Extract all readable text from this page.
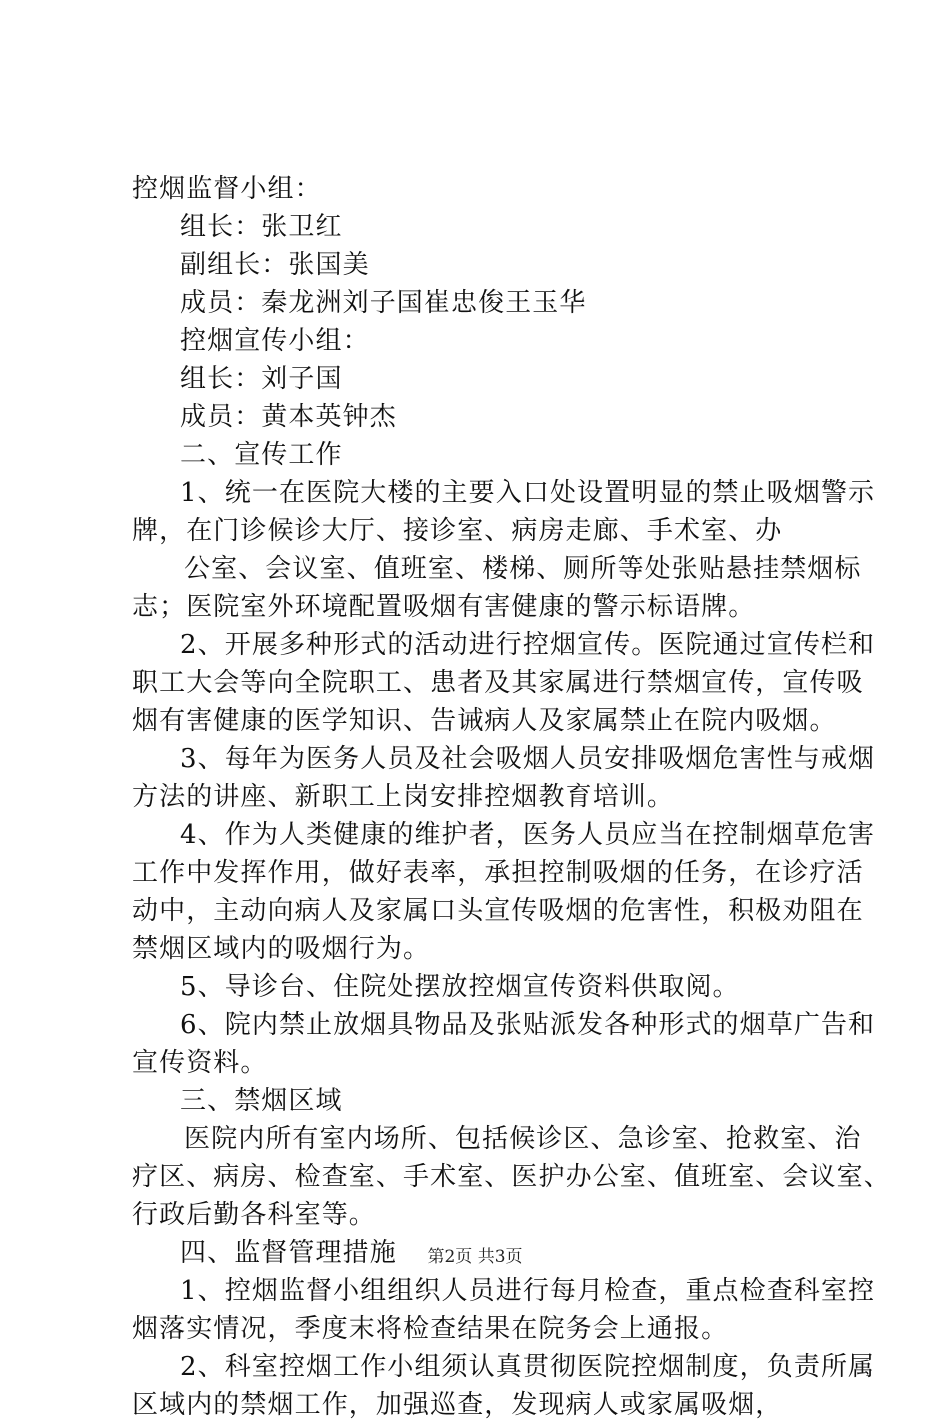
控烟监督小组：
组长：张卫红
副组长：张国美
成员：秦龙洲刘子国崔忠俊王玉华
控烟宣传小组：
组长：刘子国
成员：黄本英钟杰
二、宣传工作
1、统一在医院大楼的主要入口处设置明显的禁止吸烟警示
牌，在门诊候诊大厅、接诊室、病房走廊、手术室、办
公室、会议室、值班室、楼梯、厕所等处张贴悬挂禁烟标
志；医院室外环境配置吸烟有害健康的警示标语牌。
2、开展多种形式的活动进行控烟宣传。医院通过宣传栏和
职工大会等向全院职工、患者及其家属进行禁烟宣传，宣传吸
烟有害健康的医学知识、告诫病人及家属禁止在院内吸烟。
3、每年为医务人员及社会吸烟人员安排吸烟危害性与戒烟
方法的讲座、新职工上岗安排控烟教育培训。
4、作为人类健康的维护者，医务人员应当在控制烟草危害
工作中发挥作用，做好表率，承担控制吸烟的任务，在诊疗活
动中，主动向病人及家属口头宣传吸烟的危害性，积极劝阻在
禁烟区域内的吸烟行为。
5、导诊台、住院处摆放控烟宣传资料供取阅。
6、院内禁止放烟具物品及张贴派发各种形式的烟草广告和
宣传资料。
三、禁烟区域
医院内所有室内场所、包括候诊区、急诊室、抢救室、治
疗区、病房、检查室、手术室、医护办公室、值班室、会议室、
行政后勤各科室等。
四、监督管理措施
1、控烟监督小组组织人员进行每月检查，重点检查科室控
烟落实情况，季度末将检查结果在院务会上通报。
2、科室控烟工作小组须认真贯彻医院控烟制度，负责所属
区域内的禁烟工作，加强巡查，发现病人或家属吸烟，
第2页 共3页
